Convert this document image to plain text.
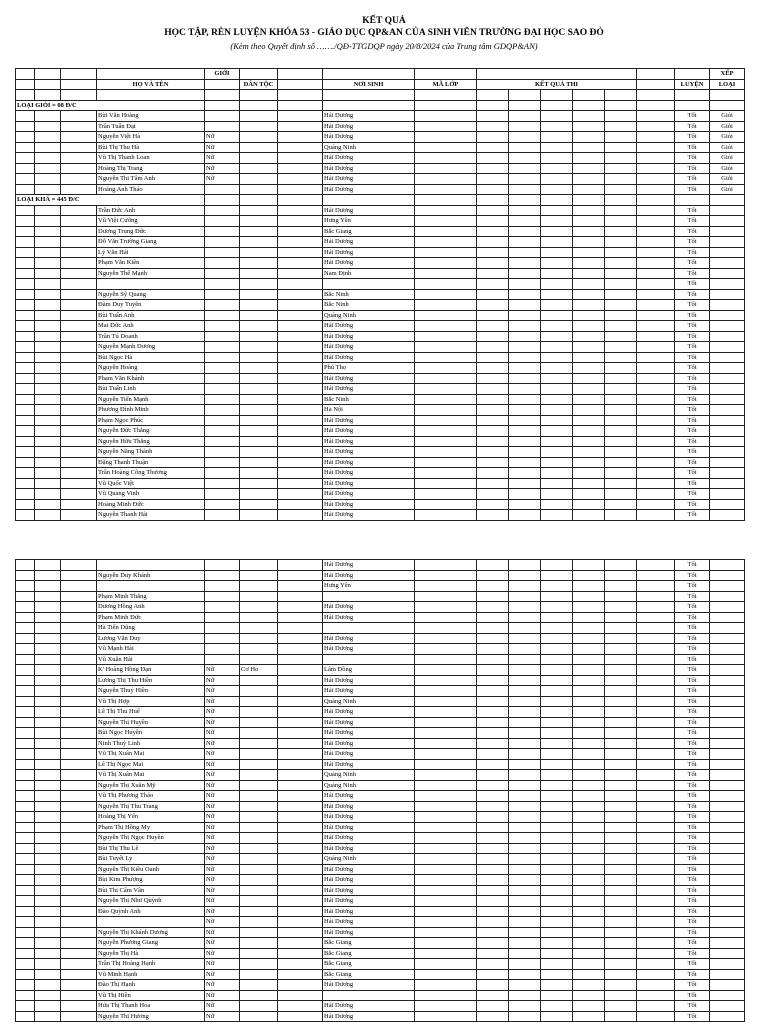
KẾT QUẢ
HỌC TẬP, RÈN LUYỆN KHÓA 53 - GIÁO DỤC QP&AN CỦA SINH VIÊN TRƯỜNG ĐẠI HỌC SAO ĐỎ
(Kèm theo Quyết định số ……./QĐ-TTGDQP ngày 20/8/2024 của Trung tâm GDQP&AN)
				GIỚI												XẾP
			HỌ VÀ TÊN		DÂN TỘC		NƠI SINH	MÃ LỚP	KẾT QUẢ THI						LUYỆN	LOẠI

LOẠI GIỎI = 08 Đ/C																
			Bùi Văn Hoàng				Hải Dương								Tốt	Giỏi
			Trần Tuấn Đạt				Hải Dương								Tốt	Giỏi
			Nguyễn Việt Hà	Nữ			Hải Dương								Tốt	Giỏi
			Bùi Thị Thu Hà	Nữ			Quảng Ninh								Tốt	Giỏi
			Vũ Thị Thanh Loan	Nữ			Hải Dương								Tốt	Giỏi
			Hoàng Thị Trang	Nữ			Hải Dương								Tốt	Giỏi
			Nguyễn Thị Tâm Anh	Nữ			Hải Dương								Tốt	Giỏi
			Hoàng Anh Thảo				Hải Dương								Tốt	Giỏi
LOẠI KHÁ = 445 Đ/C																
			Trần Đức Anh				Hải Dương								Tốt	
			Vũ Việt Cường				Hưng Yên								Tốt	
			Dương Trung Đức				Bắc Giang								Tốt	
			Đỗ Văn Trường Giang				Hải Dương								Tốt	
			Lý Văn Hải				Hải Dương								Tốt	
			Phạm Văn Kiên				Hải Dương								Tốt	
			Nguyễn Thế Mạnh				Nam Định								Tốt	
															Tốt	
			Nguyễn Sỹ Quang				Bắc Ninh								Tốt	
			Đàm Duy Tuyên				Bắc Ninh								Tốt	
			Bùi Tuấn Anh				Quảng Ninh								Tốt	
			Mai Đức Anh				Hải Dương								Tốt	
			Trần Tú Doanh				Hải Dương								Tốt	
			Nguyễn Mạnh Dương				Hải Dương								Tốt	
			Bùi Ngọc Hà				Hải Dương								Tốt	
			Nguyễn Hoàng				Phú Thọ								Tốt	
			Phạm Văn Khánh				Hải Dương								Tốt	
			Bùi Tuấn Linh				Hải Dương								Tốt	
			Nguyễn Tiến Mạnh				Bắc Ninh								Tốt	
			Phương Đình Minh				Hà Nội								Tốt	
			Phạm Ngọc Phúc				Hải Dương								Tốt	
			Nguyễn Đức Thắng				Hải Dương								Tốt	
			Nguyễn Hữu Thắng				Hải Dương								Tốt	
			Nguyễn Năng Thành				Hải Dương								Tốt	
			Đặng Thanh Thuận				Hải Dương								Tốt	
			Trần Hoàng Công Thương				Hải Dương								Tốt	
			Vũ Quốc Việt				Hải Dương								Tốt	
			Vũ Quang Vinh				Hải Dương								Tốt	
			Hoàng Minh Đức				Hải Dương								Tốt	
			Nguyễn Thanh Hải				Hải Dương								Tốt	
							Hải Dương								Tốt	
			Nguyễn Duy Khánh				Hải Dương								Tốt	
							Hưng Yên								Tốt	
			Phạm Minh Thắng												Tốt	
			Dương Hồng Anh				Hải Dương								Tốt	
			Phạm Minh Đức				Hải Dương								Tốt	
			Hà Tiến Dũng												Tốt	
			Lương Văn Duy				Hải Dương								Tốt	
			Vũ Mạnh Hải				Hải Dương								Tốt	
			Vũ Xuân Hải												Tốt	
			K' Hoàng Hồng Đạn	Nữ	Cơ Ho		Lâm Đồng								Tốt	
			Lương Thị Thu Hiền	Nữ			Hải Dương								Tốt	
			Nguyễn Thuý Hiền	Nữ			Hải Dương								Tốt	
			Vũ Thị Hợp	Nữ			Quảng Ninh								Tốt	
			Lê Thị Thu Huế	Nữ			Hải Dương								Tốt	
			Nguyễn Thị Huyền	Nữ			Hải Dương								Tốt	
			Bùi Ngọc Huyền	Nữ			Hải Dương								Tốt	
			Ninh Thuỳ Linh	Nữ			Hải Dương								Tốt	
			Vũ Thị Xuân Mai	Nữ			Hải Dương								Tốt	
			Lê Thị Ngọc Mai	Nữ			Hải Dương								Tốt	
			Vũ Thị Xuân Mai	Nữ			Quảng Ninh								Tốt	
			Nguyễn Thị Xuân Mỹ	Nữ			Quảng Ninh								Tốt	
			Vũ Thị Phương Thảo	Nữ			Hải Dương								Tốt	
			Nguyễn Thị Thu Trang	Nữ			Hải Dương								Tốt	
			Hoàng Thị Yến	Nữ			Hải Dương								Tốt	
			Phạm Thị Hồng My	Nữ			Hải Dương								Tốt	
			Nguyễn Thị Ngọc Huyền	Nữ			Hải Dương								Tốt	
			Bùi Thị Thu Lê	Nữ			Hải Dương								Tốt	
			Bùi Tuyết Ly	Nữ			Quảng Ninh								Tốt	
			Nguyễn Thị Kiều Oanh	Nữ			Hải Dương								Tốt	
			Bùi Kim Phượng	Nữ			Hải Dương								Tốt	
			Bùi Thị Cẩm Vân	Nữ			Hải Dương								Tốt	
			Nguyễn Thị Như Quỳnh	Nữ			Hải Dương								Tốt	
			Đào Quỳnh Anh	Nữ			Hải Dương								Tốt	
				Nữ			Hải Dương								Tốt	
			Nguyễn Thị Khánh Dương	Nữ			Hải Dương								Tốt	
			Nguyễn Phương Giang	Nữ			Bắc Giang								Tốt	
			Nguyễn Thị Hà	Nữ			Bắc Giang								Tốt	
			Trần Thị Hoàng Hạnh	Nữ			Bắc Giang								Tốt	
			Vũ Minh Hạnh	Nữ			Bắc Giang								Tốt	
			Đào Thị Hạnh	Nữ			Hải Dương								Tốt	
			Vũ Thị Hiền	Nữ											Tốt	
			Hứa Thị Thanh Hoa	Nữ			Hải Dương								Tốt	
			Nguyễn Thị Hương	Nữ			Hải Dương								Tốt	
